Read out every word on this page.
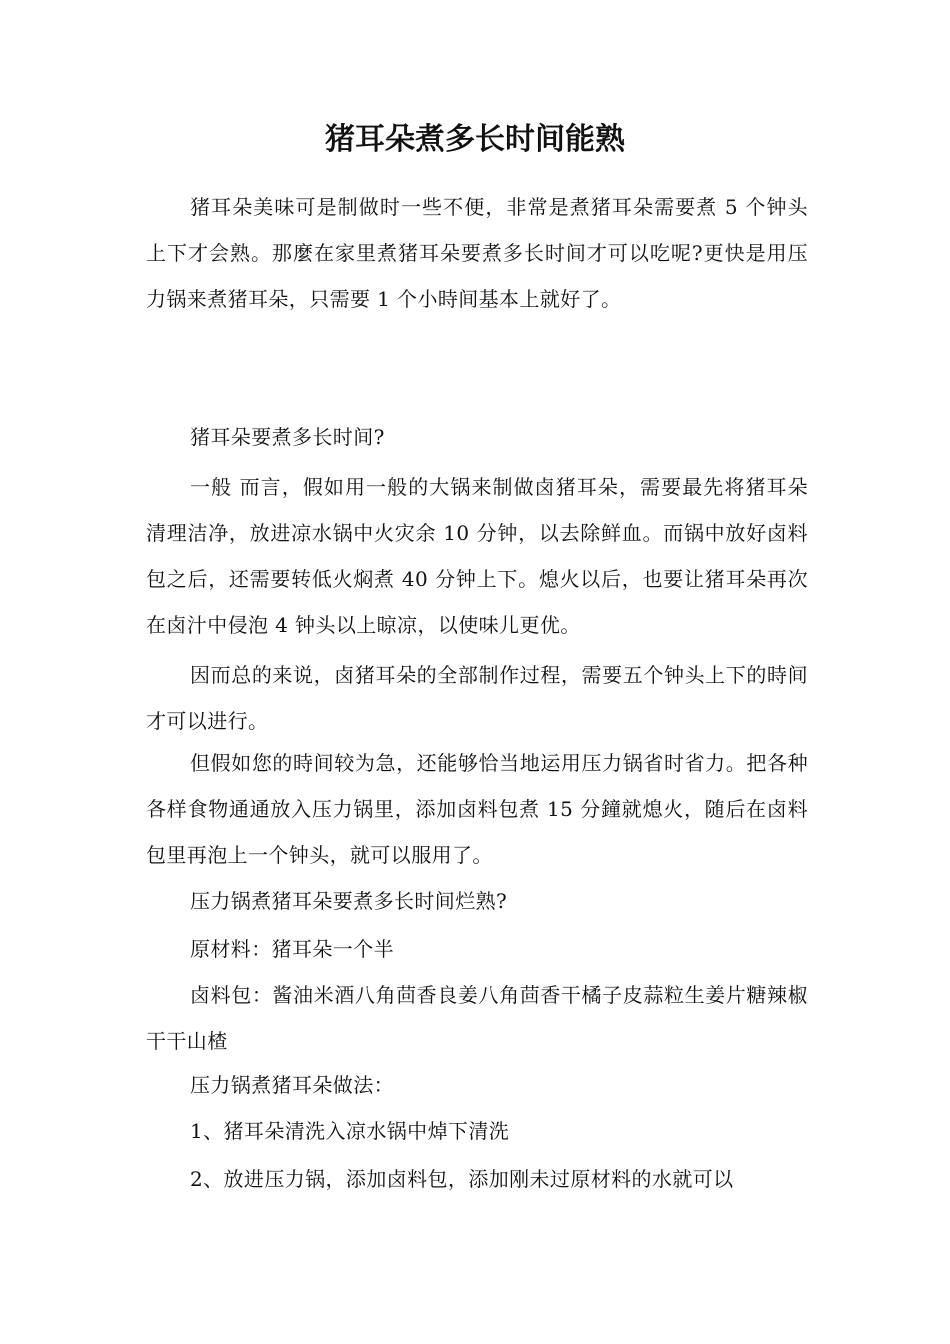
猪耳朵煮多长时间能熟

猪耳朵美味可是制做时一些不便，非常是煮猪耳朵需要煮 5 个钟头上下才会熟。那麼在家里煮猪耳朵要煮多长时间才可以吃呢?更快是用压力锅来煮猪耳朵，只需要 1 个小時间基本上就好了。

猪耳朵要煮多长时间?

一般 而言，假如用一般的大锅来制做卤猪耳朵，需要最先将猪耳朵清理洁净，放进凉水锅中火灾余 10 分钟，以去除鲜血。而锅中放好卤料包之后，还需要转低火焖煮 40 分钟上下。熄火以后，也要让猪耳朵再次在卤汁中侵泡 4 钟头以上晾凉，以使味儿更优。

因而总的来说，卤猪耳朵的全部制作过程，需要五个钟头上下的時间才可以进行。

但假如您的時间较为急，还能够恰当地运用压力锅省时省力。把各种各样食物通通放入压力锅里，添加卤料包煮 15 分鐘就熄火，随后在卤料包里再泡上一个钟头，就可以服用了。

压力锅煮猪耳朵要煮多长时间烂熟?

原材料：猪耳朵一个半

卤料包：酱油米酒八角茴香良姜八角茴香干橘子皮蒜粒生姜片糖辣椒干干山楂

压力锅煮猪耳朵做法：

1、猪耳朵清洗入凉水锅中焯下清洗

2、放进压力锅，添加卤料包，添加刚未过原材料的水就可以
